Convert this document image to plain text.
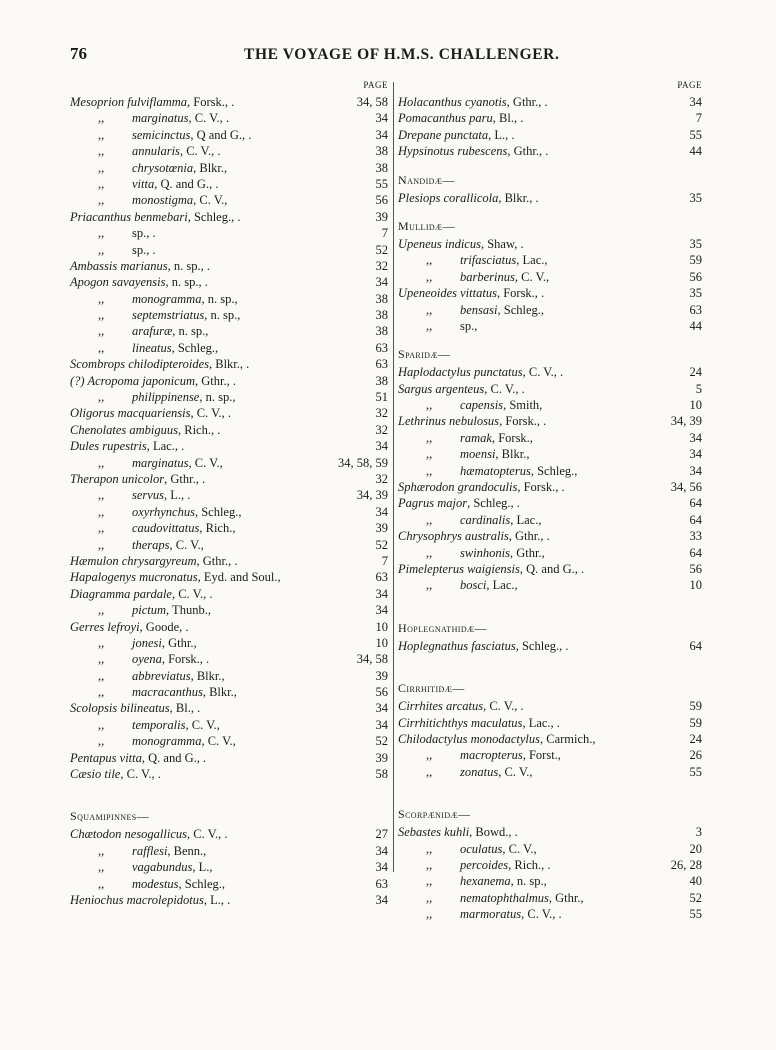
76	THE VOYAGE OF H.M.S. CHALLENGER.
PAGE
Mesoprion fulviflamma, Forsk., .	34, 58
,, marginatus, C. V., .	34
,, semicinctus, Q and G., .	34
,, annularis, C. V., .	38
,, chrysotœnia, Blkr.,	38
,, vitta, Q. and G., .	55
,, monostigma, C. V.,	56
Priacanthus benmebari, Schleg., .	39
,, sp., .	7
,, sp., .	52
Ambassis marianus, n. sp., .	32
Apogon savayensis, n. sp., .	34
,, monogramma, n. sp.,	38
,, septemstriatus, n. sp.,	38
,, arafuræ, n. sp.,	38
,, lineatus, Schleg.,	63
Scombrops chilodipteroides, Blkr., .	63
(?) Acropoma japonicum, Gthr., .	38
,, philippinense, n. sp.,	51
Oligorus macquariensis, C. V., .	32
Chenolates ambiguus, Rich., .	32
Dules rupestris, Lac., .	34
,, marginatus, C. V.,	34, 58, 59
Therapon unicolor, Gthr., .	32
,, servus, L., .	34, 39
,, oxyrhynchus, Schleg.,	34
,, caudovittatus, Rich.,	39
,, theraps, C. V.,	52
Hæmulon chrysargyreum, Gthr., .	7
Hapalogenys mucronatus, Eyd. and Soul.,	63
Diagramma pardale, C. V., .	34
,, pictum, Thunb.,	34
Gerres lefroyi, Goode, .	10
,, jonesi, Gthr.,	10
,, oyena, Forsk., .	34, 58
,, abbreviatus, Blkr.,	39
,, macracanthus, Blkr.,	56
Scolopsis bilineatus, Bl., .	34
,, temporalis, C. V.,	34
,, monogramma, C. V.,	52
Pentapus vitta, Q. and G., .	39
Cæsio tile, C. V., .	58
Squamipinnes—
Chætodon nesogallicus, C. V., .	27
,, rafflesi, Benn.,	34
,, vagabundus, L.,	34
,, modestus, Schleg.,	63
Heniochus macrolepidotus, L., .	34
PAGE
Holacanthus cyanotis, Gthr., .	34
Pomacanthus paru, Bl., .	7
Drepane punctata, L., .	55
Hypsinotus rubescens, Gthr., .	44
Nandidæ—
Plesiops corallicola, Blkr., .	35
Mullidæ—
Upeneus indicus, Shaw, .	35
,, trifasciatus, Lac.,	59
,, barberinus, C. V.,	56
Upeneoides vittatus, Forsk., .	35
,, bensasi, Schleg.,	63
,, sp.,	44
Sparidæ—
Haplodactylus punctatus, C. V., .	24
Sargus argenteus, C. V., .	5
,, capensis, Smith,	10
Lethrinus nebulosus, Forsk., .	34, 39
,, ramak, Forsk.,	34
,, moensi, Blkr.,	34
,, hæmatopterus, Schleg.,	34
Sphærodon grandoculis, Forsk., .	34, 56
Pagrus major, Schleg., .	64
,, cardinalis, Lac.,	64
Chrysophrys australis, Gthr., .	33
,, swinhonis, Gthr.,	64
Pimelepterus waigiensis, Q. and G., .	56
,, bosci, Lac.,	10
Hoplegnathidæ—
Hoplegnathus fasciatus, Schleg., .	64
Cirrhitidæ—
Cirrhites arcatus, C. V., .	59
Cirrhitichthys maculatus, Lac., .	59
Chilodactylus monodactylus, Carmich.,	24
,, macropterus, Forst.,	26
,, zonatus, C. V.,	55
Scorpænidæ—
Sebastes kuhli, Bowd., .	3
,, oculatus, C. V.,	20
,, percoides, Rich., .	26, 28
,, hexanema, n. sp.,	40
,, nematophthalmus, Gthr.,	52
,, marmoratus, C. V., .	55
